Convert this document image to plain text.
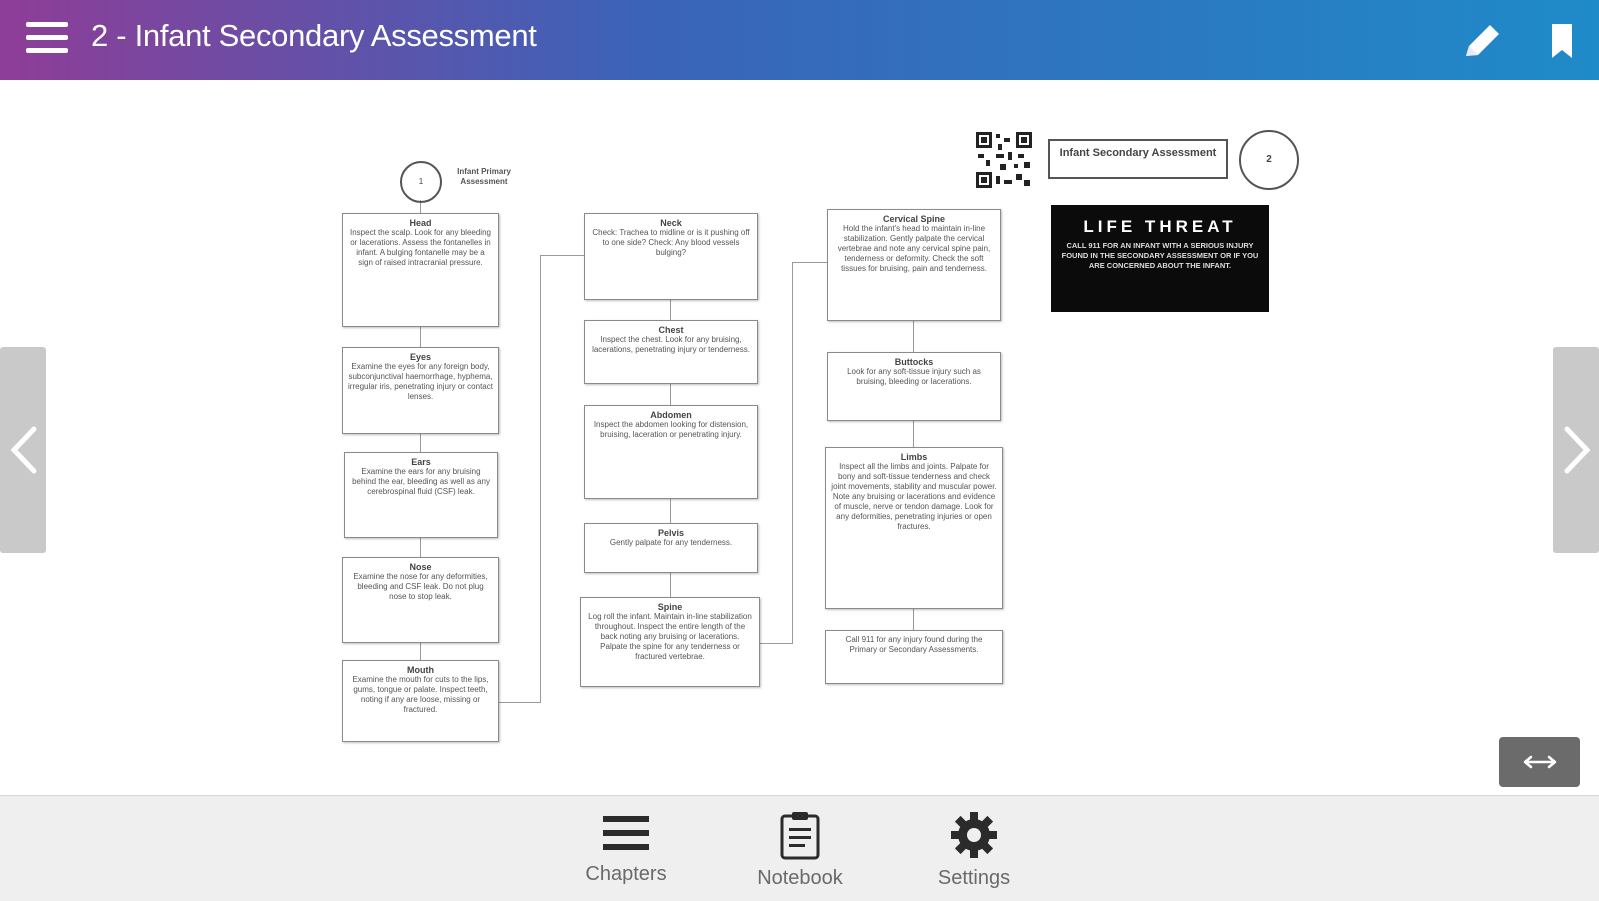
2 - Infant Secondary Assessment
1
Infant Primary Assessment
Head
Inspect the scalp. Look for any bleeding or lacerations. Assess the fontanelles in infant. A bulging fontanelle may be a sign of raised intracranial pressure.
Eyes
Examine the eyes for any foreign body, subconjunctival haemorrhage, hyphema, irregular iris, penetrating injury or contact lenses.
Ears
Examine the ears for any bruising behind the ear, bleeding as well as any cerebrospinal fluid (CSF) leak.
Nose
Examine the nose for any deformities, bleeding and CSF leak. Do not plug nose to stop leak.
Mouth
Examine the mouth for cuts to the lips, gums, tongue or palate. Inspect teeth, noting if any are loose, missing or fractured.
Neck
Check: Trachea to midline or is it pushing off to one side? Check: Any blood vessels bulging?
Chest
Inspect the chest. Look for any bruising, lacerations, penetrating injury or tenderness.
Abdomen
Inspect the abdomen looking for distension, bruising, laceration or penetrating injury.
Pelvis
Gently palpate for any tenderness.
Spine
Log roll the infant. Maintain in-line stabilization throughout. Inspect the entire length of the back noting any bruising or lacerations. Palpate the spine for any tenderness or fractured vertebrae.
Cervical Spine
Hold the infant's head to maintain in-line stabilization. Gently palpate the cervical vertebrae and note any cervical spine pain, tenderness or deformity. Check the soft tissues for bruising, pain and tenderness.
Buttocks
Look for any soft-tissue injury such as bruising, bleeding or lacerations.
Limbs
Inspect all the limbs and joints. Palpate for bony and soft-tissue tenderness and check joint movements, stability and muscular power. Note any bruising or lacerations and evidence of muscle, nerve or tendon damage. Look for any deformities, penetrating injuries or open fractures.
Call 911 for any injury found during the Primary or Secondary Assessments.
Infant Secondary Assessment
2
LIFE THREAT
CALL 911 FOR AN INFANT WITH A SERIOUS INJURY FOUND IN THE SECONDARY ASSESSMENT OR IF YOU ARE CONCERNED ABOUT THE INFANT.
Chapters	Notebook	Settings
